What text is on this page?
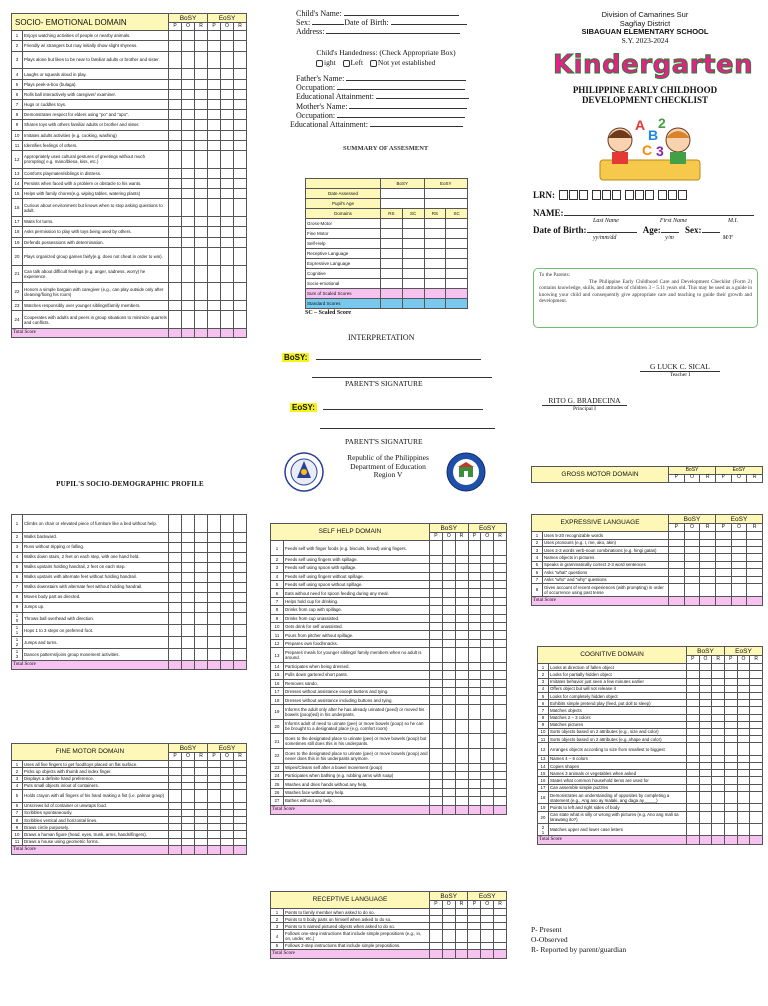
SOCIO- EMOTIONAL DOMAIN		BoSY			EoSY		
		P	O	R	P	O	R
1	Enjoys watching activities of people or nearby animals.						
2	Friendly w/ strangers but may initially show slight shyness.						
3	Plays alone but likes to be near to familiar adults or brother and sister.						
4	Laughs or squeals aloud in play.						
5	Plays peek-a-boo (bulaga).						
6	Rolls ball interactively with caregiver/ examiner.						
7	Hugs or cuddles toys.						
8	Demonstrates respect for elders using "po" and "opo".						
9	Shares toys with others familiar adults or brother and sister.						
10	Imitates adults activities (e.g. cooking, washing)						
11	Identifies feelings of others.						
12	Appropriately uses cultural gestures of greetings without much prompting( e.g. mano/blesa, kiss, etc.)						
13	Comforts playmates/siblings in distress.						
14	Persists when faced with a problem or obstacle to his wants.						
15	Helps with family chores(e.g. wiping tables, watering plants)						
16	Curious about environment but knows when to stop asking questions to adult.						
17	Waits for turns.						
18	Asks permission to play with toys being used by others.						
19	Defends possessions with determination.						
20	Plays organized group games fairly(e.g. does not cheat in order to win).						
21	Can talk about difficult feelings (e.g. anger, sadness, worry) he experience.						
22	Honors a simple bargain with caregiver (e.g., can play outside only after cleaning/fixing his room)						
23	Watches responsibly over younger siblings/family members.						
24	Cooperates with adults and peers in group situations to minimize quarrels and conflicts.						
Total Score							
PUPIL'S SOCIO-DEMOGRAPHIC PROFILE
1	Climbs on chair or elevated piece of furniture like a bed without help.						
2	Walks backward.						
3	Runs without tripping or falling.						
4	Walks down stairs, 2 feet on each step, with one hand held.						
5	Walks upstairs holding handrail, 2 feet on each step.						
6	Walks upstairs with alternate feet without holding handrail.						
7	Walks downstairs with alternate feet without holding handrail.						
8	Moves body part as directed.						
9	Jumps up.						
1
0	Throws ball overhead with direction.						
1
1	Hops 1 to 3 steps on preferred foot.						
1
2	Jumps and turns.						
1
3	Dances patterns/joins group movement activities.						
Total Score							
FINE MOTOR DOMAIN		BoSY			EoSY		
		P	O	R	P	O	R
1	Uses all five fingers to get food/toys placed on flat surface.						
2	Picks up objects with thumb and index finger.						
3	Displays a definite hand preference.						
4	Puts small objects in/out of containers.						
5	Holds crayon with all fingers of his hand making a fist (i.e. palmar grasp)						
6	Unscrews lid of container or unwraps food.						
7	Scribbles spontaneously.						
8	Scribbles vertical and horizontal lines.						
9	Draws circle purposely.						
10	Draws a human figure (head, eyes, trunk, arms, hands/fingers).						
11	Draws a house using geometric forms.						
Total Score							
Child's Name:
Sex:	Date of Birth:
Address:
Child's Handedness: (Check Appropriate Box)
ight Left Not yet established
Father's Name:
Occupation:
Educational Attainment:
Mother's Name:
Occupation:
Educational Attainment:
SUMMARY OF ASSESMENT
	BoSY		EoSY	
Date Assessed				
Pupil's Age				
Domains	RS	SC	RS	SC
Gross-Motor				
Fine Motor				
Self-Help				
Receptive Language				
Expressive Language				
Cognitive				
Socio-emotional				
Sum of Scaled Scores				
Standard Scores				
SC – Scaled Score
INTERPRETATION
BoSY:
PARENT'S SIGNATURE
EoSY:
PARENT'S SIGNATURE
Republic of the Philippines
Department of Education
Region V
SELF HELP DOMAIN		BoSY			EoSY		
		P	O	R	P	O	R
1	Feeds self with finger foods (e.g. biscuits, bread) using fingers.						
2	Feeds self using fingers with spillage.						
3	Feeds self using spoon with spillage.						
4	Feeds self using fingers without spillage.						
5	Feeds self using spoon without spillage.						
6	Eats without need for spoon feeding during any meal.						
7	Helps hold cup for drinking.						
8	Drinks from cup with spillage.						
9	Drinks from cup unassisted.						
10	Gets drink for self unassisted.						
11	Pours from pitcher without spillage.						
12	Prepares own food/snacks.						
13	Prepares meals for younger siblings/ family members when no adult is around.						
14	Participates when being dressed.						
15	Pulls down gartered short pants.						
16	Removes sando.						
17	Dresses without assistance except buttons and tying.						
18	Dresses without assistance including buttons and tying.						
19	Informs the adult only after he has already urinated (peed) or moved his bowels (poop)ed) in his underpants.						
20	Informs adult of need to urinate (pee) or move bowels (poop) so he can be brought to a designated place (e.g. comfort room)						
21	Goes to the designated place to urinate (pee) or move bowels (poop) but sometimes still does this in his underpants.						
22	Goes to the designated place to urinate (pee) or move bowels (poop) and never does this in his underpants anymore.						
23	Wipes/Cleans self after a bowel movement (poop)						
24	Participates when bathing (e.g. rubbing arms with soap)						
25	Washes and dries hands without any help.						
26	Washes face without any help.						
27	Bathes without any help.						
Total Score							
RECEPTIVE LANGUAGE		BoSY			EoSY		
		P	O	R	P	O	R
1	Points to family member when asked to do so.						
2	Points to 5 body parts on himself when asked to do so.						
3	Points to 5 named pictured objects when asked to do so.						
4	Follows one-step instructions that include simple prepositions (e.g., in, on, under, etc.)						
5	Follows 2-step instructions that include simple prepositions.						
Total Score							
Division of Camarines Sur
Sagñay District
SIBAGUAN ELEMENTARY SCHOOL
S.Y. 2023-2024
Kindergarten
PHILIPPINE EARLY CHILDHOOD
DEVELOPMENT CHECKLIST
A
B
2
C 3
LRN:
NAME:
Last Name	First Name	M.I.
Date of Birth:	Age:	Sex:
yy/mm/dd	y/m	M/F
To the Parents:
The Philippine Early Childhood Care and Development Checklist (Form 2) contains knowledge, skills, and attitudes of children 3 – 5.11 years old. This may be used as a guide in knowing your child and consequently give appropriate care and teaching to guide their growth and development.
G LUCK C. SICAL
Teacher I
RITO G. BRADECINA
Principal I
GROSS MOTOR DOMAIN	BoSY			EoSY		
	P	O	R	P	O	R
EXPRESSIVE LANGUAGE		BoSY			EoSY		
		P	O	R	P	O	R
1	Uses 5-20 recognizable words						
2	Uses pronouns (e.g. I, me, ako, akin)						
3	Uses 2-3 words verb-noun combinations (e.g. hingi gatas)						
4	Names objects in pictures						
5	Speaks in grammatically correct 2-3 word sentences						
6	Asks "what" questions						
7	Asks "who" and "why" questions						
8	Gives account of recent experiences (with prompting) in order of occurrence using past tense						
Total Score							
COGNITIVE DOMAIN		BoSY			EoSY		
		P	O	R	P	O	R
1	Looks at direction of fallen object						
2	Looks for partially hidden object						
3	Imitates behavior just seen a few minutes earlier						
4	Offers object but will not release it						
5	Looks for completely hidden object						
6	Exhibits simple pretend play (feed, put doll to sleep)						
7	Matches objects						
8	Matches 2 – 3 colors						
9	Matches pictures						
10	Sorts objects based on 2 attributes (e.g., size and color)						
11	Sorts objects based on 2 attributes (e.g.,shape and color)						
12	Arranges objects according to size from smallest to biggest						
13	Names 4 – 6 colors						
14	Copies shapes						
15	Names 3 animals or vegetables when asked						
16	States what common household items are used for						
17	Can assemble simple puzzles						
18	Demonstrates an understanding of opposites by completing a statement (e.g., Ang aso ay malaki, ang daga ay_____)						
19	Points to left and right sides of body						
20	Can state what is silly or wrong with pictures (e.g. Ano ang mali sa larawang ito?)						
2
1	Matches upper and lower case letters						
Total Score							
P- Present
O-Observed
R- Reported by parent/guardian
